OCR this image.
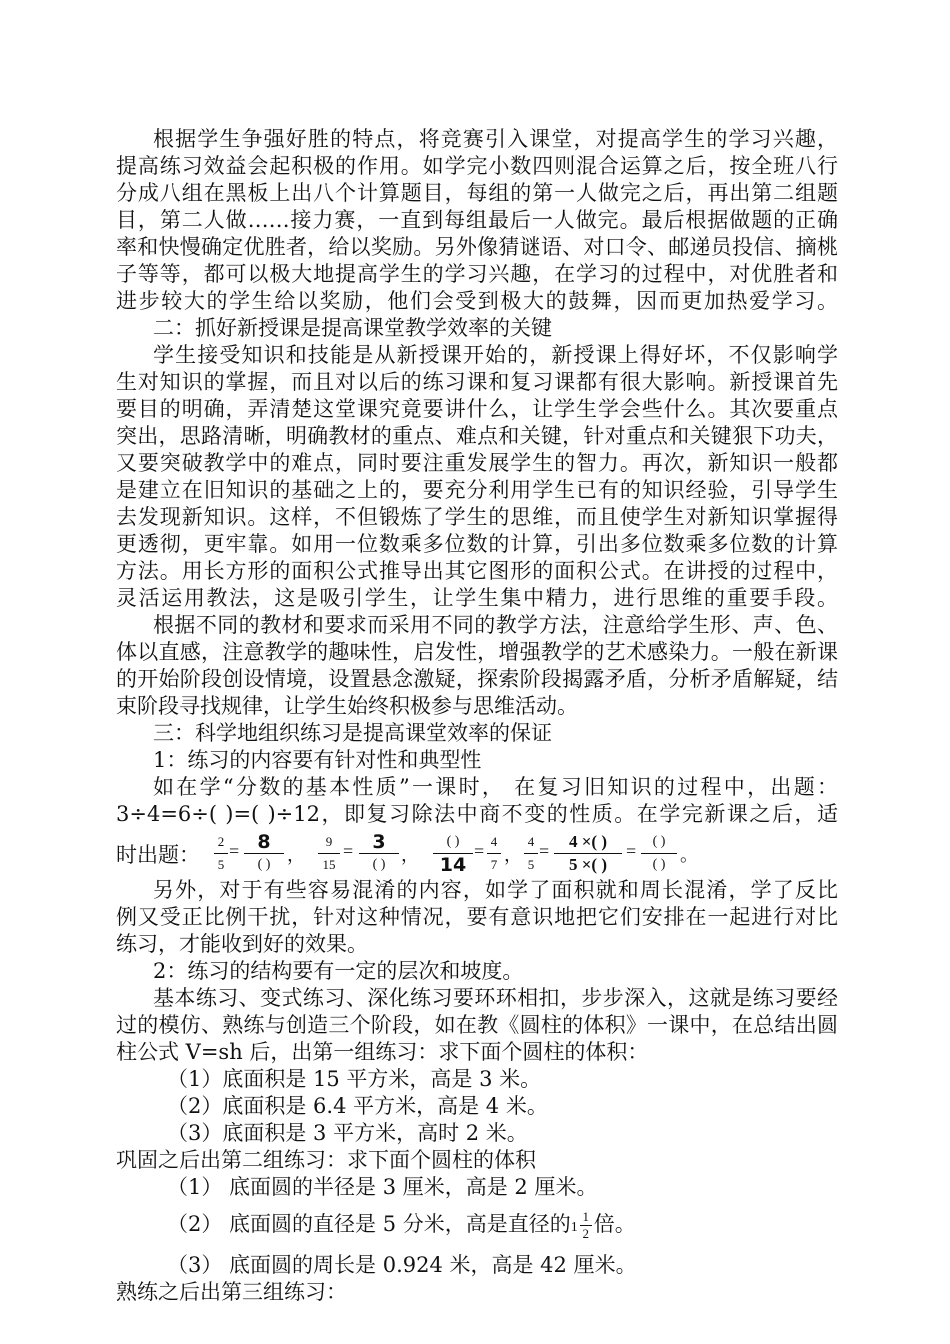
根据学生争强好胜的特点，将竞赛引入课堂，对提高学生的学习兴趣，
提高练习效益会起积极的作用。如学完小数四则混合运算之后，按全班八行
分成八组在黑板上出八个计算题目，每组的第一人做完之后，再出第二组题
目，第二人做……接力赛，一直到每组最后一人做完。最后根据做题的正确
率和快慢确定优胜者，给以奖励。另外像猜谜语、对口令、邮递员投信、摘桃
子等等，都可以极大地提高学生的学习兴趣，在学习的过程中，对优胜者和
进步较大的学生给以奖励，他们会受到极大的鼓舞，因而更加热爱学习。
二：抓好新授课是提高课堂教学效率的关键
学生接受知识和技能是从新授课开始的，新授课上得好坏，不仅影响学
生对知识的掌握，而且对以后的练习课和复习课都有很大影响。新授课首先
要目的明确，弄清楚这堂课究竟要讲什么，让学生学会些什么。其次要重点
突出，思路清晰，明确教材的重点、难点和关键，针对重点和关键狠下功夫，
又要突破教学中的难点，同时要注重发展学生的智力。再次，新知识一般都
是建立在旧知识的基础之上的，要充分利用学生已有的知识经验，引导学生
去发现新知识。这样，不但锻炼了学生的思维，而且使学生对新知识掌握得
更透彻，更牢靠。如用一位数乘多位数的计算，引出多位数乘多位数的计算
方法。用长方形的面积公式推导出其它图形的面积公式。在讲授的过程中，
灵活运用教法，这是吸引学生，让学生集中精力，进行思维的重要手段。
根据不同的教材和要求而采用不同的教学方法，注意给学生形、声、色、
体以直感，注意教学的趣味性，启发性，增强教学的艺术感染力。一般在新课
的开始阶段创设情境，设置悬念激疑，探索阶段揭露矛盾，分析矛盾解疑，结
束阶段寻找规律，让学生始终积极参与思维活动。
三：科学地组织练习是提高课堂效率的保证
1：练习的内容要有针对性和典型性
如在学“分数的基本性质”一课时， 在复习旧知识的过程中，出题：
3÷4=6÷( )=( )÷12，即复习除法中商不变的性质。在学完新课之后，适
时出题：
2
5
= 8
( ) ，
9
15
=	3
( ) ，
( )
14
= 4
7 ，
4
5
=	4 ×( )
5 ×( )
=	( )
( ) 。
另外，对于有些容易混淆的内容，如学了面积就和周长混淆，学了反比
例又受正比例干扰，针对这种情况，要有意识地把它们安排在一起进行对比
练习，才能收到好的效果。
2：练习的结构要有一定的层次和坡度。
基本练习、变式练习、深化练习要环环相扣，步步深入，这就是练习要经
过的模仿、熟练与创造三个阶段，如在教《圆柱的体积》一课中，在总结出圆
柱公式 V=sh 后，出第一组练习：求下面个圆柱的体积：
（1）底面积是 15 平方米，高是 3 米。
（2）底面积是 6.4 平方米，高是 4 米。
（3）底面积是 3 平方米，高时 2 米。
巩固之后出第二组练习：求下面个圆柱的体积
（1） 底面圆的半径是 3 厘米，高是 2 厘米。
（2） 底面圆的直径是 5 分米，高是直径的$1 \frac{1}{2}$ 倍。
（3） 底面圆的周长是 0.924 米，高是 42 厘米。
熟练之后出第三组练习：
